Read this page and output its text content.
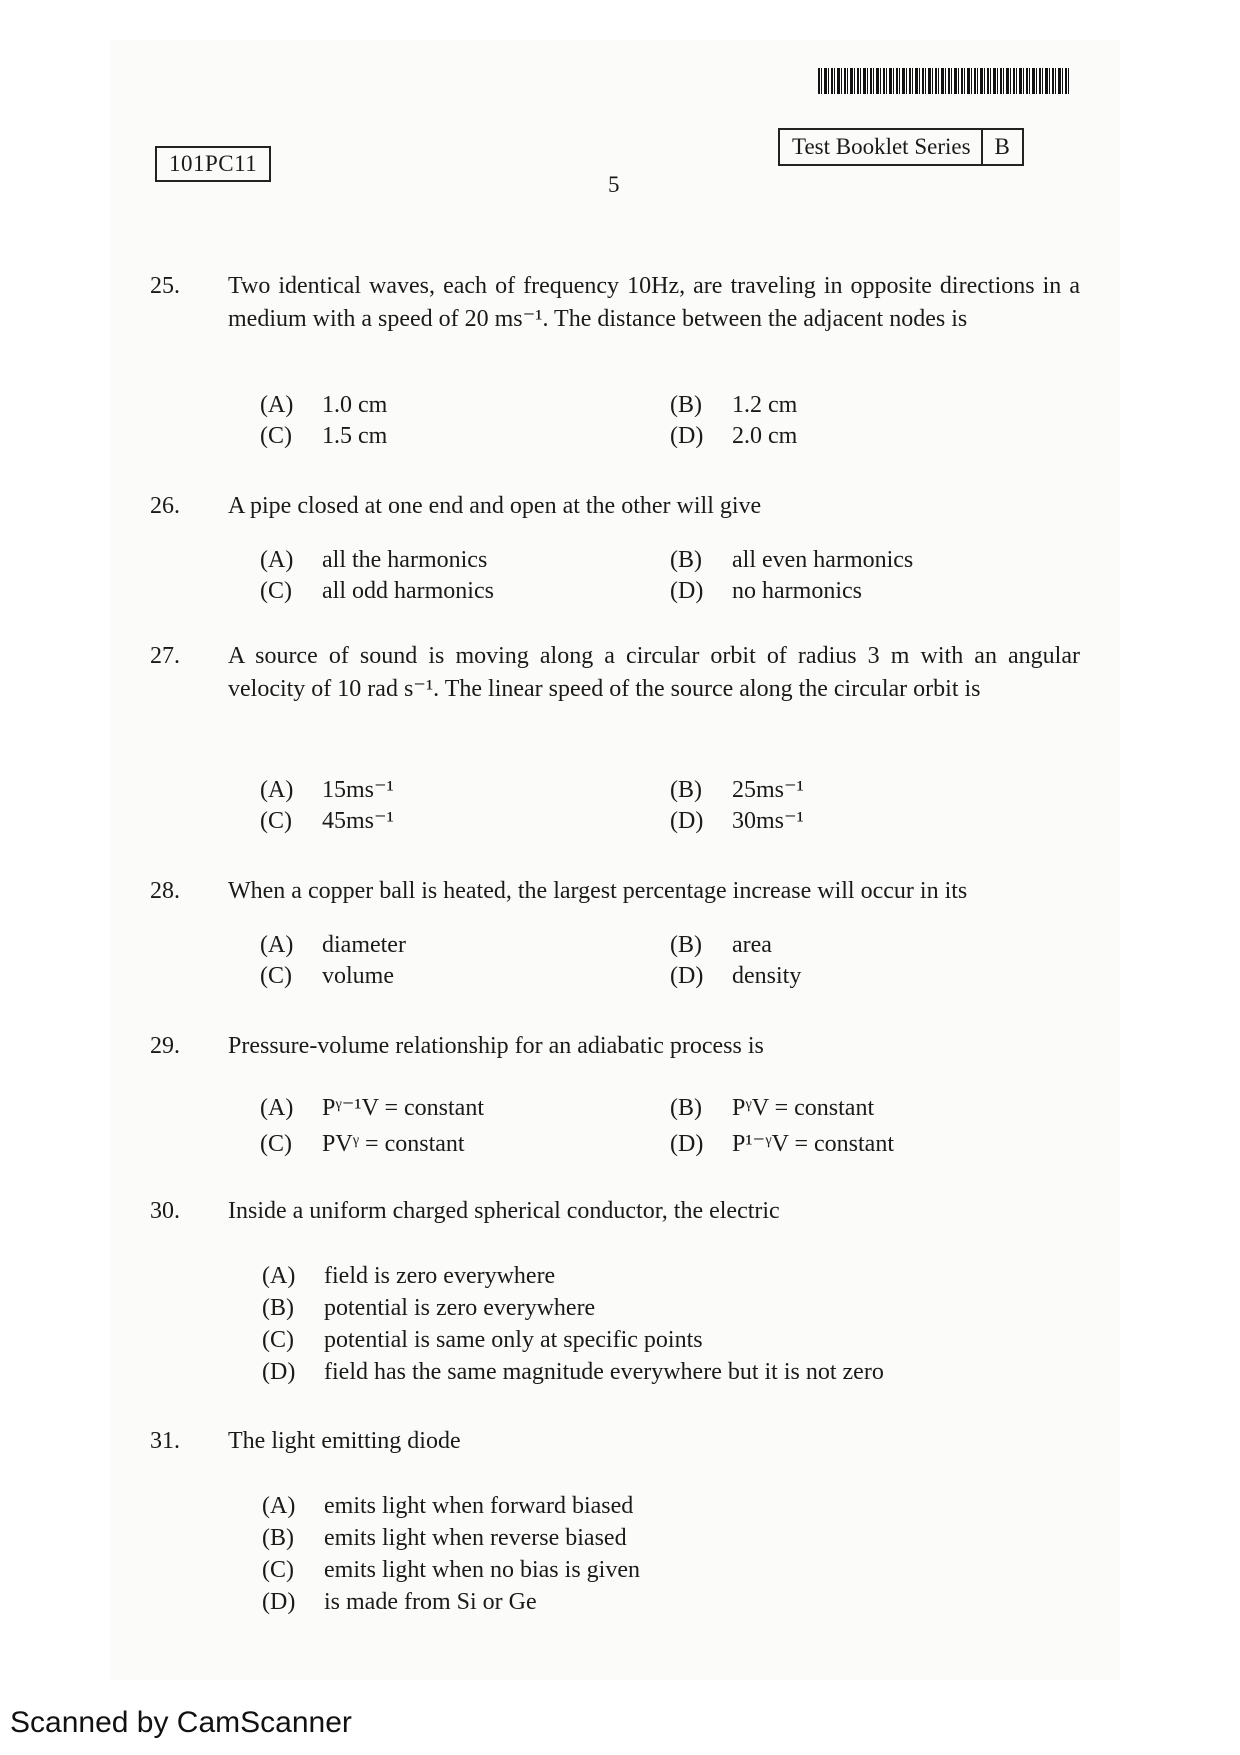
101PC11
Test Booklet Series	B
5
25. Two identical waves, each of frequency 10Hz, are traveling in opposite directions in a medium with a speed of 20 ms⁻¹. The distance between the adjacent nodes is
(A)	1.0 cm	(B)	1.2 cm
(C)	1.5 cm	(D)	2.0 cm
26. A pipe closed at one end and open at the other will give
(A)	all the harmonics	(B)	all even harmonics
(C)	all odd harmonics	(D)	no harmonics
27. A source of sound is moving along a circular orbit of radius 3 m with an angular velocity of 10 rad s⁻¹. The linear speed of the source along the circular orbit is
(A)	15ms⁻¹	(B)	25ms⁻¹
(C)	45ms⁻¹	(D)	30ms⁻¹
28. When a copper ball is heated, the largest percentage increase will occur in its
(A)	diameter	(B)	area
(C)	volume	(D)	density
29. Pressure-volume relationship for an adiabatic process is
(A)	Pᵞ⁻¹V = constant	(B)	PᵞV = constant
(C)	PVᵞ = constant	(D)	P¹⁻ᵞV = constant
30. Inside a uniform charged spherical conductor, the electric
(A)	field is zero everywhere
(B)	potential is zero everywhere
(C)	potential is same only at specific points
(D)	field has the same magnitude everywhere but it is not zero
31. The light emitting diode
(A)	emits light when forward biased
(B)	emits light when reverse biased
(C)	emits light when no bias is given
(D)	is made from Si or Ge
Scanned by CamScanner
